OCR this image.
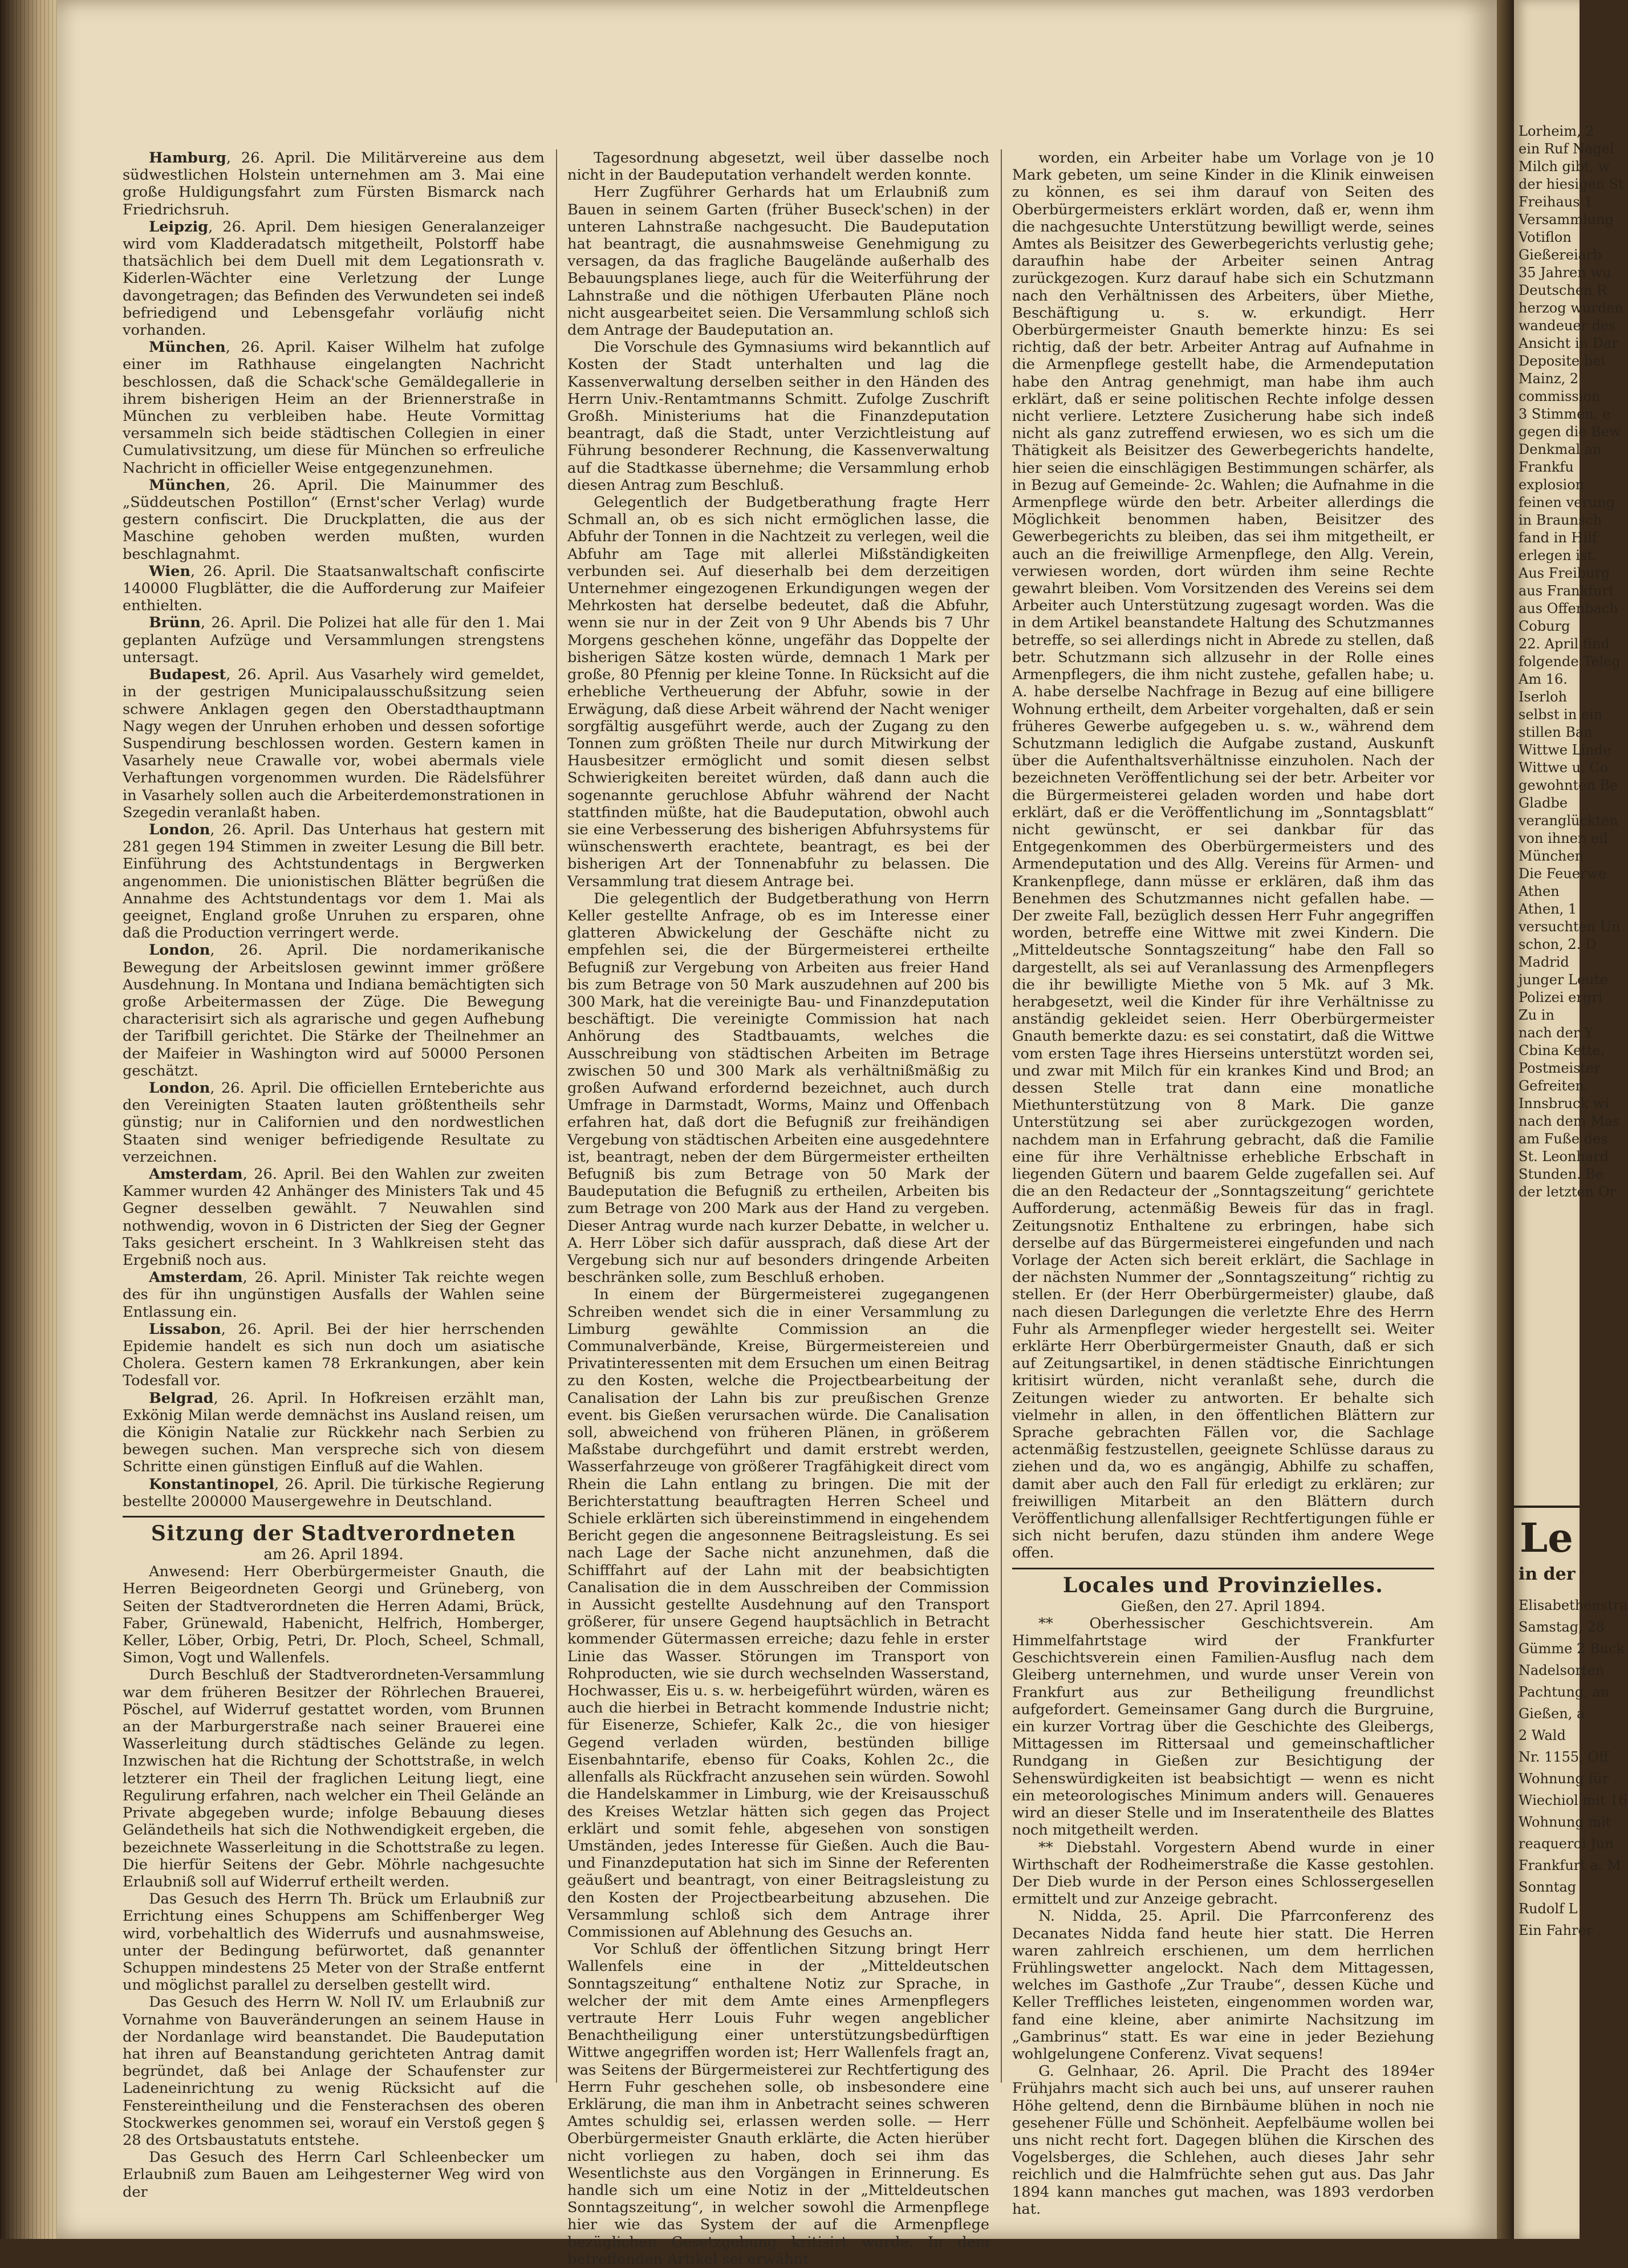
Lorheim, 2
ein Ruf Nagel
Milch gibt, w
der hiesigen St
Freihaus 1
Versammlung
Votiflon
Gießereiarb
35 Jahren wu
Deutschen R
herzog wurden
wandeuer des
Ansicht in Dar
Deposite bei
Mainz, 2
commission
3 Stimmen, e
gegen die Bew
Denkmal an
Frankfu
explosion
feinen verung
in Braunsch
fand in Hilf
erlegen ist.
Aus Freiburg
aus Frankfurt
aus Offenbach
Coburg
22. April find
folgende Teleg
Am 16.
Iserloh
selbst in ein
stillen Ban
Wittwe Linde
Wittwe u. Co
gewohnten Be
Gladbe
veranglückten
von ihnen eil
München
Die Feuerwe
Athen
Athen, 1
versuchten Un
schon, 2. D
Madrid
junger Leute
Polizei ergri
Zu in
nach der Y
Cbina Kette,
Postmeister
Gefreiten.
Innsbruck wi
nach dem Mas
am Fuße des
St. Leonhard
Stunden. Be
der letzten Or
Le
in der
Elisabethenstra
Samstag, 28
Gümme 2 Buck
Nadelsorten
Pachtung, an
Gießen, a
2 Wald
Nr. 1155, Off
Wohnung für
Wiechiol mit 16
Wohnung mit
reaqueroi Jun
Frankfurt a. M
Sonntag
Rudolf L
Ein Fahrer

Hamburg, 26. April. Die Militärvereine aus dem südwestlichen Holstein unternehmen am 3. Mai eine große Huldigungsfahrt zum Fürsten Bismarck nach Friedrichsruh.

Leipzig, 26. April. Dem hiesigen Generalanzeiger wird vom Kladderadatsch mitgetheilt, Polstorff habe thatsächlich bei dem Duell mit dem Legationsrath v. Kiderlen-Wächter eine Verletzung der Lunge davongetragen; das Befinden des Verwundeten sei indeß befriedigend und Lebensgefahr vorläufig nicht vorhanden.

München, 26. April. Kaiser Wilhelm hat zufolge einer im Rathhause eingelangten Nachricht beschlossen, daß die Schack'sche Gemäldegallerie in ihrem bisherigen Heim an der Briennerstraße in München zu verbleiben habe. Heute Vormittag versammeln sich beide städtischen Collegien in einer Cumulativsitzung, um diese für München so erfreuliche Nachricht in officieller Weise entgegenzunehmen.

München, 26. April. Die Mainummer des „Süddeutschen Postillon“ (Ernst'scher Verlag) wurde gestern confiscirt. Die Druckplatten, die aus der Maschine gehoben werden mußten, wurden beschlagnahmt.

Wien, 26. April. Die Staatsanwaltschaft confiscirte 140000 Flugblätter, die die Aufforderung zur Maifeier enthielten.

Brünn, 26. April. Die Polizei hat alle für den 1. Mai geplanten Aufzüge und Versammlungen strengstens untersagt.

Budapest, 26. April. Aus Vasarhely wird gemeldet, in der gestrigen Municipalausschußsitzung seien schwere Anklagen gegen den Oberstadthauptmann Nagy wegen der Unruhen erhoben und dessen sofortige Suspendirung beschlossen worden. Gestern kamen in Vasarhely neue Crawalle vor, wobei abermals viele Verhaftungen vorgenommen wurden. Die Rädelsführer in Vasarhely sollen auch die Arbeiterdemonstrationen in Szegedin veranlaßt haben.

London, 26. April. Das Unterhaus hat gestern mit 281 gegen 194 Stimmen in zweiter Lesung die Bill betr. Einführung des Achtstundentags in Bergwerken angenommen. Die unionistischen Blätter begrüßen die Annahme des Achtstundentags vor dem 1. Mai als geeignet, England große Unruhen zu ersparen, ohne daß die Production verringert werde.

London, 26. April. Die nordamerikanische Bewegung der Arbeitslosen gewinnt immer größere Ausdehnung. In Montana und Indiana bemächtigten sich große Arbeitermassen der Züge. Die Bewegung characterisirt sich als agrarische und gegen Aufhebung der Tarifbill gerichtet. Die Stärke der Theilnehmer an der Maifeier in Washington wird auf 50000 Personen geschätzt.

London, 26. April. Die officiellen Ernteberichte aus den Vereinigten Staaten lauten größtentheils sehr günstig; nur in Californien und den nordwestlichen Staaten sind weniger befriedigende Resultate zu verzeichnen.

Amsterdam, 26. April. Bei den Wahlen zur zweiten Kammer wurden 42 Anhänger des Ministers Tak und 45 Gegner desselben gewählt. 7 Neuwahlen sind nothwendig, wovon in 6 Districten der Sieg der Gegner Taks gesichert erscheint. In 3 Wahlkreisen steht das Ergebniß noch aus.

Amsterdam, 26. April. Minister Tak reichte wegen des für ihn ungünstigen Ausfalls der Wahlen seine Entlassung ein.

Lissabon, 26. April. Bei der hier herrschenden Epidemie handelt es sich nun doch um asiatische Cholera. Gestern kamen 78 Erkrankungen, aber kein Todesfall vor.

Belgrad, 26. April. In Hofkreisen erzählt man, Exkönig Milan werde demnächst ins Ausland reisen, um die Königin Natalie zur Rückkehr nach Serbien zu bewegen suchen. Man verspreche sich von diesem Schritte einen günstigen Einfluß auf die Wahlen.

Konstantinopel, 26. April. Die türkische Regierung bestellte 200000 Mausergewehre in Deutschland.

Sitzung der Stadtverordneten

am 26. April 1894.

Anwesend: Herr Oberbürgermeister Gnauth, die Herren Beigeordneten Georgi und Grüneberg, von Seiten der Stadtverordneten die Herren Adami, Brück, Faber, Grünewald, Habenicht, Helfrich, Homberger, Keller, Löber, Orbig, Petri, Dr. Ploch, Scheel, Schmall, Simon, Vogt und Wallenfels.

Durch Beschluß der Stadtverordneten-Versammlung war dem früheren Besitzer der Röhrlechen Brauerei, Pöschel, auf Widerruf gestattet worden, vom Brunnen an der Marburgerstraße nach seiner Brauerei eine Wasserleitung durch städtisches Gelände zu legen. Inzwischen hat die Richtung der Schottstraße, in welch letzterer ein Theil der fraglichen Leitung liegt, eine Regulirung erfahren, nach welcher ein Theil Gelände an Private abgegeben wurde; infolge Bebauung dieses Geländetheils hat sich die Nothwendigkeit ergeben, die bezeichnete Wasserleitung in die Schottstraße zu legen. Die hierfür Seitens der Gebr. Möhrle nachgesuchte Erlaubniß soll auf Widerruf ertheilt werden.

Das Gesuch des Herrn Th. Brück um Erlaubniß zur Errichtung eines Schuppens am Schiffenberger Weg wird, vorbehaltlich des Widerrufs und ausnahmsweise, unter der Bedingung befürwortet, daß genannter Schuppen mindestens 25 Meter von der Straße entfernt und möglichst parallel zu derselben gestellt wird.

Das Gesuch des Herrn W. Noll IV. um Erlaubniß zur Vornahme von Bauveränderungen an seinem Hause in der Nordanlage wird beanstandet. Die Baudeputation hat ihren auf Beanstandung gerichteten Antrag damit begründet, daß bei Anlage der Schaufenster zur Ladeneinrichtung zu wenig Rücksicht auf die Fenstereintheilung und die Fensterachsen des oberen Stockwerkes genommen sei, worauf ein Verstoß gegen § 28 des Ortsbaustatuts entstehe.

Das Gesuch des Herrn Carl Schleenbecker um Erlaubniß zum Bauen am Leihgesterner Weg wird von der

Tagesordnung abgesetzt, weil über dasselbe noch nicht in der Baudeputation verhandelt werden konnte.

Herr Zugführer Gerhards hat um Erlaubniß zum Bauen in seinem Garten (früher Buseck'schen) in der unteren Lahnstraße nachgesucht. Die Baudeputation hat beantragt, die ausnahmsweise Genehmigung zu versagen, da das fragliche Baugelände außerhalb des Bebauungsplanes liege, auch für die Weiterführung der Lahnstraße und die nöthigen Uferbauten Pläne noch nicht ausgearbeitet seien. Die Versammlung schloß sich dem Antrage der Baudeputation an.

Die Vorschule des Gymnasiums wird bekanntlich auf Kosten der Stadt unterhalten und lag die Kassenverwaltung derselben seither in den Händen des Herrn Univ.-Rentamtmanns Schmitt. Zufolge Zuschrift Großh. Ministeriums hat die Finanzdeputation beantragt, daß die Stadt, unter Verzichtleistung auf Führung besonderer Rechnung, die Kassenverwaltung auf die Stadtkasse übernehme; die Versammlung erhob diesen Antrag zum Beschluß.

Gelegentlich der Budgetberathung fragte Herr Schmall an, ob es sich nicht ermöglichen lasse, die Abfuhr der Tonnen in die Nachtzeit zu verlegen, weil die Abfuhr am Tage mit allerlei Mißständigkeiten verbunden sei. Auf dieserhalb bei dem derzeitigen Unternehmer eingezogenen Erkundigungen wegen der Mehrkosten hat derselbe bedeutet, daß die Abfuhr, wenn sie nur in der Zeit von 9 Uhr Abends bis 7 Uhr Morgens geschehen könne, ungefähr das Doppelte der bisherigen Sätze kosten würde, demnach 1 Mark per große, 80 Pfennig per kleine Tonne. In Rücksicht auf die erhebliche Vertheuerung der Abfuhr, sowie in der Erwägung, daß diese Arbeit während der Nacht weniger sorgfältig ausgeführt werde, auch der Zugang zu den Tonnen zum größten Theile nur durch Mitwirkung der Hausbesitzer ermöglicht und somit diesen selbst Schwierigkeiten bereitet würden, daß dann auch die sogenannte geruchlose Abfuhr während der Nacht stattfinden müßte, hat die Baudeputation, obwohl auch sie eine Verbesserung des bisherigen Abfuhrsystems für wünschenswerth erachtete, beantragt, es bei der bisherigen Art der Tonnenabfuhr zu belassen. Die Versammlung trat diesem Antrage bei.

Die gelegentlich der Budgetberathung von Herrn Keller gestellte Anfrage, ob es im Interesse einer glatteren Abwickelung der Geschäfte nicht zu empfehlen sei, die der Bürgermeisterei ertheilte Befugniß zur Vergebung von Arbeiten aus freier Hand bis zum Betrage von 50 Mark auszudehnen auf 200 bis 300 Mark, hat die vereinigte Bau- und Finanzdeputation beschäftigt. Die vereinigte Commission hat nach Anhörung des Stadtbauamts, welches die Ausschreibung von städtischen Arbeiten im Betrage zwischen 50 und 300 Mark als verhältnißmäßig zu großen Aufwand erfordernd bezeichnet, auch durch Umfrage in Darmstadt, Worms, Mainz und Offenbach erfahren hat, daß dort die Befugniß zur freihändigen Vergebung von städtischen Arbeiten eine ausgedehntere ist, beantragt, neben der dem Bürgermeister ertheilten Befugniß bis zum Betrage von 50 Mark der Baudeputation die Befugniß zu ertheilen, Arbeiten bis zum Betrage von 200 Mark aus der Hand zu vergeben. Dieser Antrag wurde nach kurzer Debatte, in welcher u. A. Herr Löber sich dafür aussprach, daß diese Art der Vergebung sich nur auf besonders dringende Arbeiten beschränken solle, zum Beschluß erhoben.

In einem der Bürgermeisterei zugegangenen Schreiben wendet sich die in einer Versammlung zu Limburg gewählte Commission an die Communalverbände, Kreise, Bürgermeistereien und Privatinteressenten mit dem Ersuchen um einen Beitrag zu den Kosten, welche die Projectbearbeitung der Canalisation der Lahn bis zur preußischen Grenze event. bis Gießen verursachen würde. Die Canalisation soll, abweichend von früheren Plänen, in größerem Maßstabe durchgeführt und damit erstrebt werden, Wasserfahrzeuge von größerer Tragfähigkeit direct vom Rhein die Lahn entlang zu bringen. Die mit der Berichterstattung beauftragten Herren Scheel und Schiele erklärten sich übereinstimmend in eingehendem Bericht gegen die angesonnene Beitragsleistung. Es sei nach Lage der Sache nicht anzunehmen, daß die Schifffahrt auf der Lahn mit der beabsichtigten Canalisation die in dem Ausschreiben der Commission in Aussicht gestellte Ausdehnung auf den Transport größerer, für unsere Gegend hauptsächlich in Betracht kommender Gütermassen erreiche; dazu fehle in erster Linie das Wasser. Störungen im Transport von Rohproducten, wie sie durch wechselnden Wasserstand, Hochwasser, Eis u. s. w. herbeigeführt würden, wären es auch die hierbei in Betracht kommende Industrie nicht; für Eisenerze, Schiefer, Kalk 2c., die von hiesiger Gegend verladen würden, bestünden billige Eisenbahntarife, ebenso für Coaks, Kohlen 2c., die allenfalls als Rückfracht anzusehen sein würden. Sowohl die Handelskammer in Limburg, wie der Kreisausschuß des Kreises Wetzlar hätten sich gegen das Project erklärt und somit fehle, abgesehen von sonstigen Umständen, jedes Interesse für Gießen. Auch die Bau- und Finanzdeputation hat sich im Sinne der Referenten geäußert und beantragt, von einer Beitragsleistung zu den Kosten der Projectbearbeitung abzusehen. Die Versammlung schloß sich dem Antrage ihrer Commissionen auf Ablehnung des Gesuchs an.

Vor Schluß der öffentlichen Sitzung bringt Herr Wallenfels eine in der „Mitteldeutschen Sonntagszeitung“ enthaltene Notiz zur Sprache, in welcher der mit dem Amte eines Armenpflegers vertraute Herr Louis Fuhr wegen angeblicher Benachtheiligung einer unterstützungsbedürftigen Wittwe angegriffen worden ist; Herr Wallenfels fragt an, was Seitens der Bürgermeisterei zur Rechtfertigung des Herrn Fuhr geschehen solle, ob insbesondere eine Erklärung, die man ihm in Anbetracht seines schweren Amtes schuldig sei, erlassen werden solle. — Herr Oberbürgermeister Gnauth erklärte, die Acten hierüber nicht vorliegen zu haben, doch sei ihm das Wesentlichste aus den Vorgängen in Erinnerung. Es handle sich um eine Notiz in der „Mitteldeutschen Sonntagszeitung“, in welcher sowohl die Armenpflege hier wie das System der auf die Armenpflege bezüglichen Gesetzgebung kritisirt wurde. In dem betreffenden Artikel sei erwähnt

worden, ein Arbeiter habe um Vorlage von je 10 Mark gebeten, um seine Kinder in die Klinik einweisen zu können, es sei ihm darauf von Seiten des Oberbürgermeisters erklärt worden, daß er, wenn ihm die nachgesuchte Unterstützung bewilligt werde, seines Amtes als Beisitzer des Gewerbegerichts verlustig gehe; daraufhin habe der Arbeiter seinen Antrag zurückgezogen. Kurz darauf habe sich ein Schutzmann nach den Verhältnissen des Arbeiters, über Miethe, Beschäftigung u. s. w. erkundigt. Herr Oberbürgermeister Gnauth bemerkte hinzu: Es sei richtig, daß der betr. Arbeiter Antrag auf Aufnahme in die Armenpflege gestellt habe, die Armendeputation habe den Antrag genehmigt, man habe ihm auch erklärt, daß er seine politischen Rechte infolge dessen nicht verliere. Letztere Zusicherung habe sich indeß nicht als ganz zutreffend erwiesen, wo es sich um die Thätigkeit als Beisitzer des Gewerbegerichts handelte, hier seien die einschlägigen Bestimmungen schärfer, als in Bezug auf Gemeinde- 2c. Wahlen; die Aufnahme in die Armenpflege würde den betr. Arbeiter allerdings die Möglichkeit benommen haben, Beisitzer des Gewerbegerichts zu bleiben, das sei ihm mitgetheilt, er auch an die freiwillige Armenpflege, den Allg. Verein, verwiesen worden, dort würden ihm seine Rechte gewahrt bleiben. Vom Vorsitzenden des Vereins sei dem Arbeiter auch Unterstützung zugesagt worden. Was die in dem Artikel beanstandete Haltung des Schutzmannes betreffe, so sei allerdings nicht in Abrede zu stellen, daß betr. Schutzmann sich allzusehr in der Rolle eines Armenpflegers, die ihm nicht zustehe, gefallen habe; u. A. habe derselbe Nachfrage in Bezug auf eine billigere Wohnung ertheilt, dem Arbeiter vorgehalten, daß er sein früheres Gewerbe aufgegeben u. s. w., während dem Schutzmann lediglich die Aufgabe zustand, Auskunft über die Aufenthaltsverhältnisse einzuholen. Nach der bezeichneten Veröffentlichung sei der betr. Arbeiter vor die Bürgermeisterei geladen worden und habe dort erklärt, daß er die Veröffentlichung im „Sonntagsblatt“ nicht gewünscht, er sei dankbar für das Entgegenkommen des Oberbürgermeisters und des Armendeputation und des Allg. Vereins für Armen- und Krankenpflege, dann müsse er erklären, daß ihm das Benehmen des Schutzmannes nicht gefallen habe. — Der zweite Fall, bezüglich dessen Herr Fuhr angegriffen worden, betreffe eine Wittwe mit zwei Kindern. Die „Mitteldeutsche Sonntagszeitung“ habe den Fall so dargestellt, als sei auf Veranlassung des Armenpflegers die ihr bewilligte Miethe von 5 Mk. auf 3 Mk. herabgesetzt, weil die Kinder für ihre Verhältnisse zu anständig gekleidet seien. Herr Oberbürgermeister Gnauth bemerkte dazu: es sei constatirt, daß die Wittwe vom ersten Tage ihres Hierseins unterstützt worden sei, und zwar mit Milch für ein krankes Kind und Brod; an dessen Stelle trat dann eine monatliche Miethunterstützung von 8 Mark. Die ganze Unterstützung sei aber zurückgezogen worden, nachdem man in Erfahrung gebracht, daß die Familie eine für ihre Verhältnisse erhebliche Erbschaft in liegenden Gütern und baarem Gelde zugefallen sei. Auf die an den Redacteur der „Sonntagszeitung“ gerichtete Aufforderung, actenmäßig Beweis für das in fragl. Zeitungsnotiz Enthaltene zu erbringen, habe sich derselbe auf das Bürgermeisterei eingefunden und nach Vorlage der Acten sich bereit erklärt, die Sachlage in der nächsten Nummer der „Sonntagszeitung“ richtig zu stellen. Er (der Herr Oberbürgermeister) glaube, daß nach diesen Darlegungen die verletzte Ehre des Herrn Fuhr als Armenpfleger wieder hergestellt sei. Weiter erklärte Herr Oberbürgermeister Gnauth, daß er sich auf Zeitungsartikel, in denen städtische Einrichtungen kritisirt würden, nicht veranlaßt sehe, durch die Zeitungen wieder zu antworten. Er behalte sich vielmehr in allen, in den öffentlichen Blättern zur Sprache gebrachten Fällen vor, die Sachlage actenmäßig festzustellen, geeignete Schlüsse daraus zu ziehen und da, wo es angängig, Abhilfe zu schaffen, damit aber auch den Fall für erledigt zu erklären; zur freiwilligen Mitarbeit an den Blättern durch Veröffentlichung allenfallsiger Rechtfertigungen fühle er sich nicht berufen, dazu stünden ihm andere Wege offen.

Locales und Provinzielles.

Gießen, den 27. April 1894.

** Oberhessischer Geschichtsverein. Am Himmelfahrtstage wird der Frankfurter Geschichtsverein einen Familien-Ausflug nach dem Gleiberg unternehmen, und wurde unser Verein von Frankfurt aus zur Betheiligung freundlichst aufgefordert. Gemeinsamer Gang durch die Burgruine, ein kurzer Vortrag über die Geschichte des Gleibergs, Mittagessen im Rittersaal und gemeinschaftlicher Rundgang in Gießen zur Besichtigung der Sehenswürdigkeiten ist beabsichtigt — wenn es nicht ein meteorologisches Minimum anders will. Genaueres wird an dieser Stelle und im Inseratentheile des Blattes noch mitgetheilt werden.

** Diebstahl. Vorgestern Abend wurde in einer Wirthschaft der Rodheimerstraße die Kasse gestohlen. Der Dieb wurde in der Person eines Schlossergesellen ermittelt und zur Anzeige gebracht.

N. Nidda, 25. April. Die Pfarrconferenz des Decanates Nidda fand heute hier statt. Die Herren waren zahlreich erschienen, um dem herrlichen Frühlingswetter angelockt. Nach dem Mittagessen, welches im Gasthofe „Zur Traube“, dessen Küche und Keller Treffliches leisteten, eingenommen worden war, fand eine kleine, aber animirte Nachsitzung im „Gambrinus“ statt. Es war eine in jeder Beziehung wohlgelungene Conferenz. Vivat sequens!

G. Gelnhaar, 26. April. Die Pracht des 1894er Frühjahrs macht sich auch bei uns, auf unserer rauhen Höhe geltend, denn die Birnbäume blühen in noch nie gesehener Fülle und Schönheit. Aepfelbäume wollen bei uns nicht recht fort. Dagegen blühen die Kirschen des Vogelsberges, die Schlehen, auch dieses Jahr sehr reichlich und die Halmfrüchte sehen gut aus. Das Jahr 1894 kann manches gut machen, was 1893 verdorben hat.
